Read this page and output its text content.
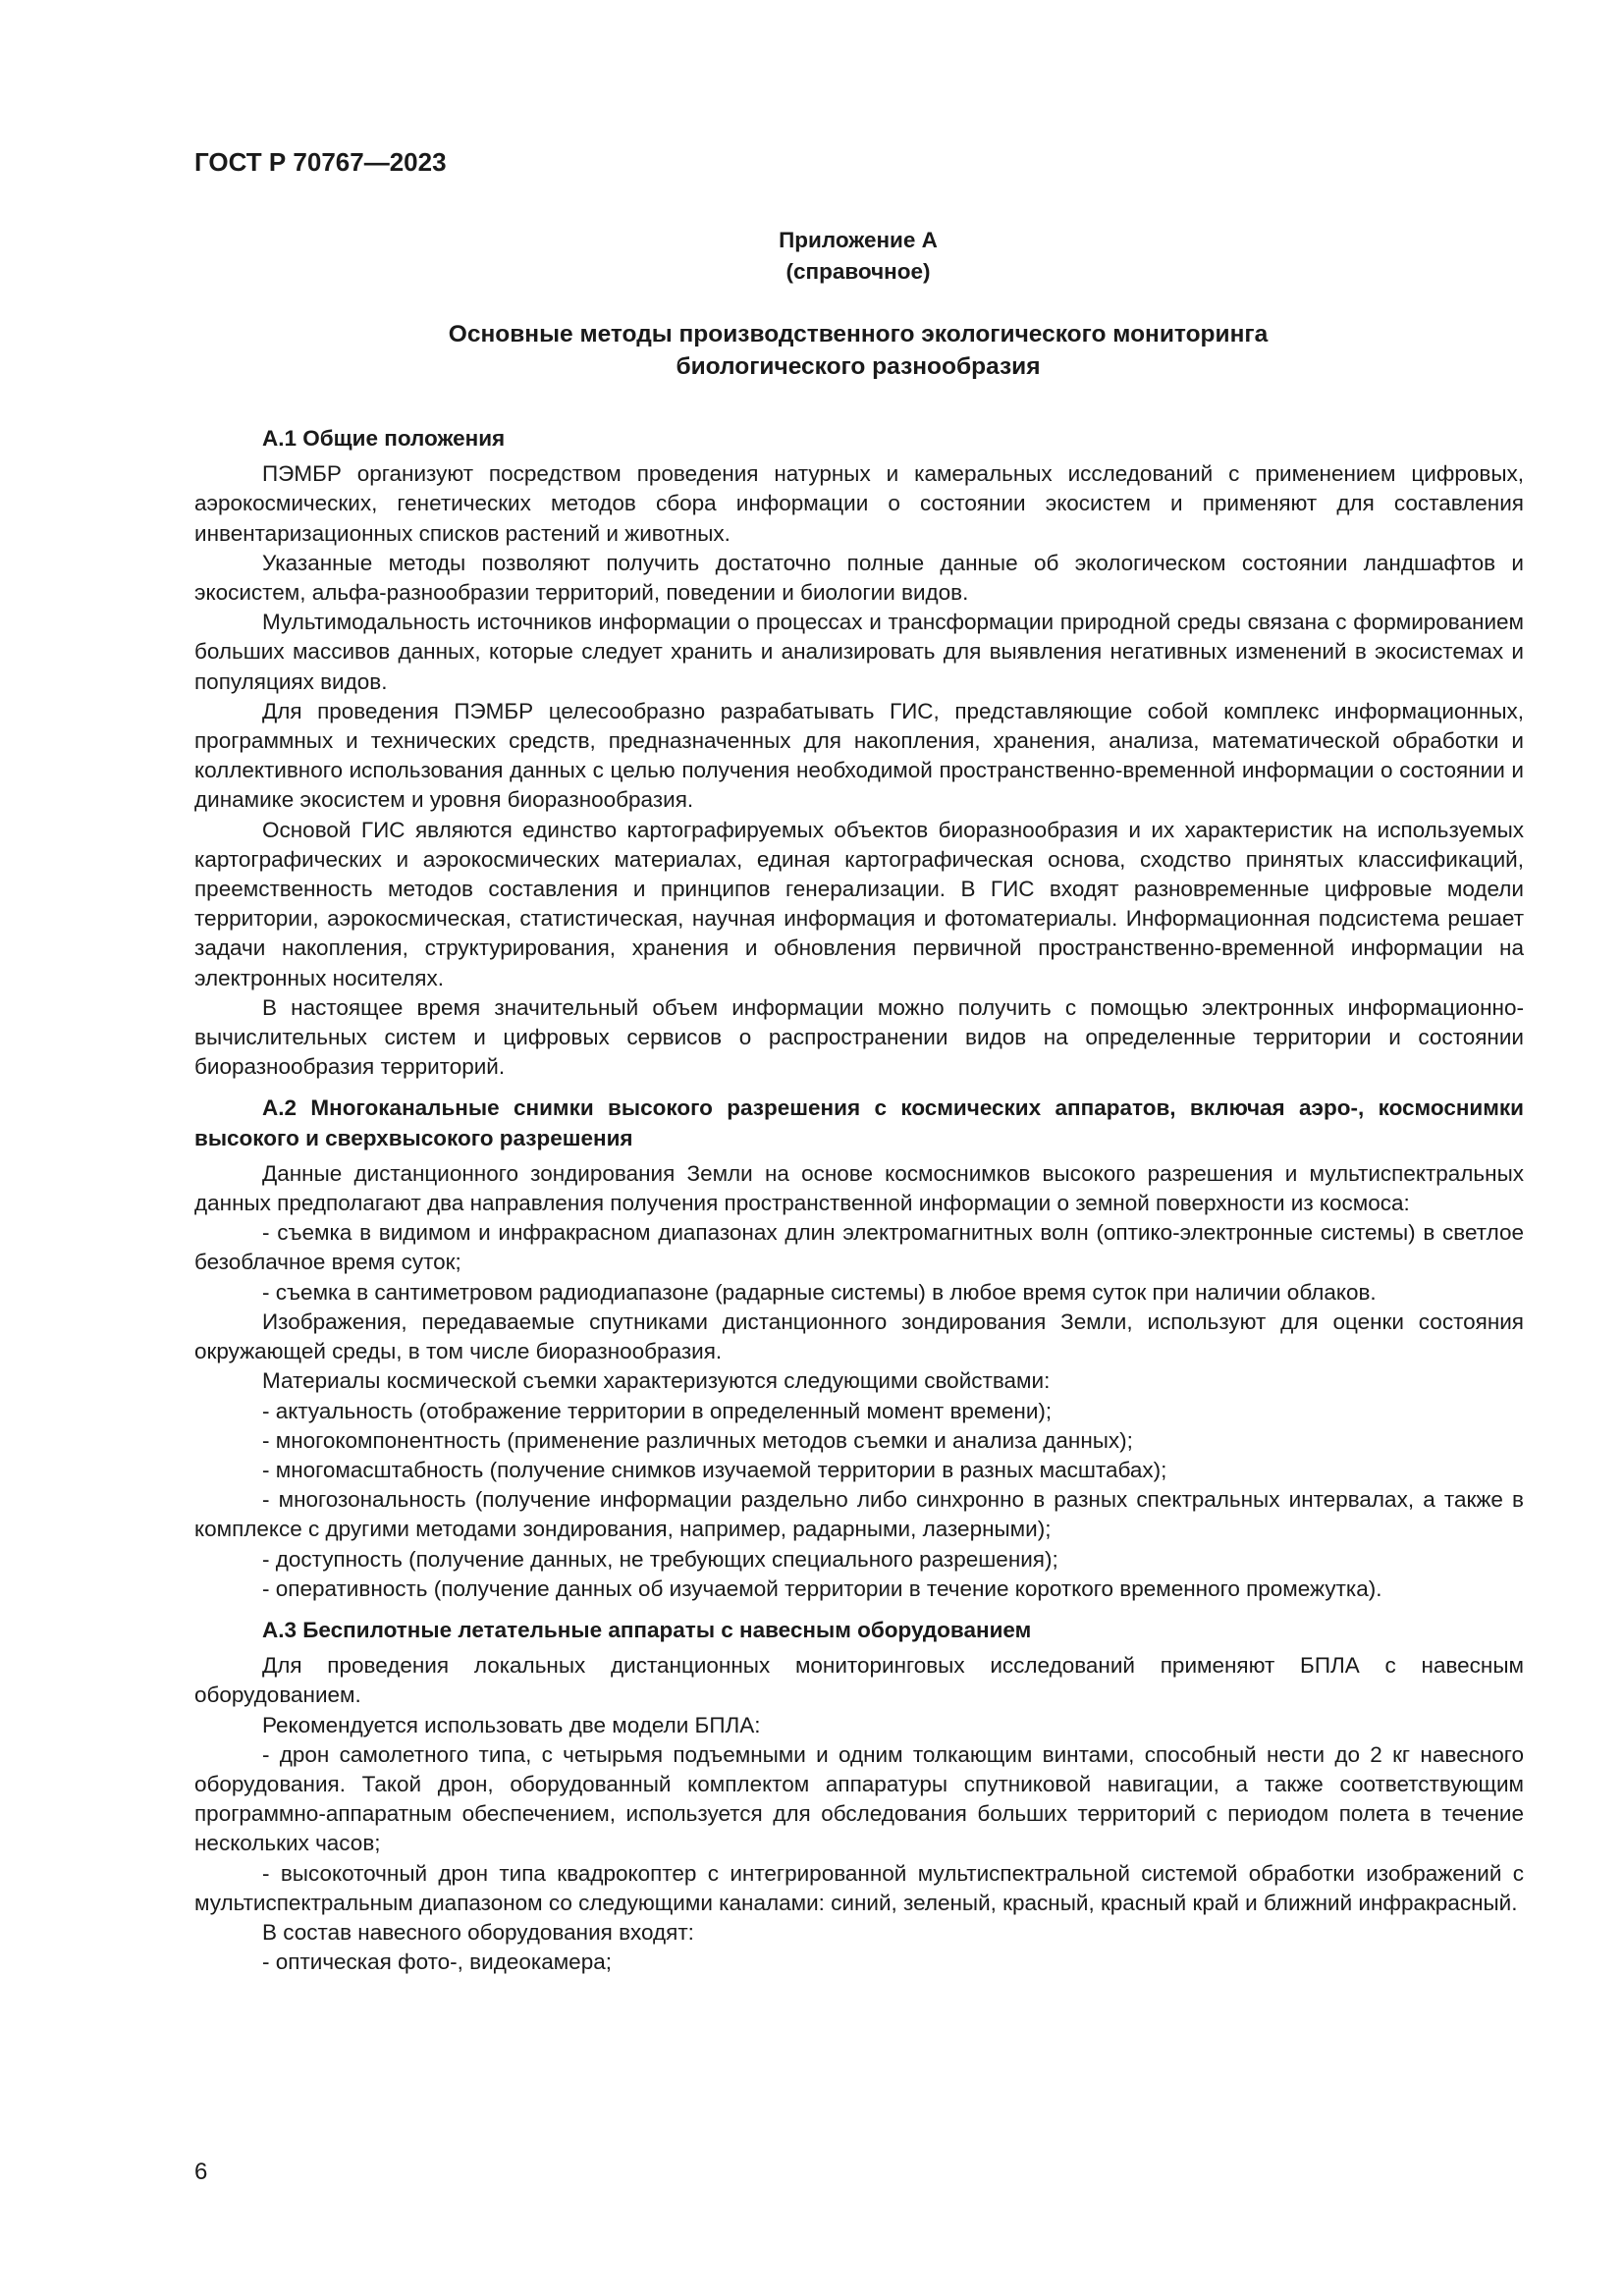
ГОСТ Р 70767—2023
Приложение А
(справочное)
Основные методы производственного экологического мониторинга
биологического разнообразия

А.1 Общие положения

ПЭМБР организуют посредством проведения натурных и камеральных исследований с применением цифровых, аэрокосмических, генетических методов сбора информации о состоянии экосистем и применяют для составления инвентаризационных списков растений и животных.

Указанные методы позволяют получить достаточно полные данные об экологическом состоянии ландшафтов и экосистем, альфа-разнообразии территорий, поведении и биологии видов.

Мультимодальность источников информации о процессах и трансформации природной среды связана с формированием больших массивов данных, которые следует хранить и анализировать для выявления негативных изменений в экосистемах и популяциях видов.

Для проведения ПЭМБР целесообразно разрабатывать ГИС, представляющие собой комплекс информационных, программных и технических средств, предназначенных для накопления, хранения, анализа, математической обработки и коллективного использования данных с целью получения необходимой пространственно-временной информации о состоянии и динамике экосистем и уровня биоразнообразия.

Основой ГИС являются единство картографируемых объектов биоразнообразия и их характеристик на используемых картографических и аэрокосмических материалах, единая картографическая основа, сходство принятых классификаций, преемственность методов составления и принципов генерализации. В ГИС входят разновременные цифровые модели территории, аэрокосмическая, статистическая, научная информация и фотоматериалы. Информационная подсистема решает задачи накопления, структурирования, хранения и обновления первичной пространственно-временной информации на электронных носителях.

В настоящее время значительный объем информации можно получить с помощью электронных информационно-вычислительных систем и цифровых сервисов о распространении видов на определенные территории и состоянии биоразнообразия территорий.

А.2 Многоканальные снимки высокого разрешения с космических аппаратов, включая аэро-, космоснимки высокого и сверхвысокого разрешения

Данные дистанционного зондирования Земли на основе космоснимков высокого разрешения и мультиспектральных данных предполагают два направления получения пространственной информации о земной поверхности из космоса:

- съемка в видимом и инфракрасном диапазонах длин электромагнитных волн (оптико-электронные системы) в светлое безоблачное время суток;

- съемка в сантиметровом радиодиапазоне (радарные системы) в любое время суток при наличии облаков.

Изображения, передаваемые спутниками дистанционного зондирования Земли, используют для оценки состояния окружающей среды, в том числе биоразнообразия.

Материалы космической съемки характеризуются следующими свойствами:

- актуальность (отображение территории в определенный момент времени);

- многокомпонентность (применение различных методов съемки и анализа данных);

- многомасштабность (получение снимков изучаемой территории в разных масштабах);

- многозональность (получение информации раздельно либо синхронно в разных спектральных интервалах, а также в комплексе с другими методами зондирования, например, радарными, лазерными);

- доступность (получение данных, не требующих специального разрешения);

- оперативность (получение данных об изучаемой территории в течение короткого временного промежутка).

А.3 Беспилотные летательные аппараты с навесным оборудованием

Для проведения локальных дистанционных мониторинговых исследований применяют БПЛА с навесным оборудованием.

Рекомендуется использовать две модели БПЛА:

- дрон самолетного типа, с четырьмя подъемными и одним толкающим винтами, способный нести до 2 кг навесного оборудования. Такой дрон, оборудованный комплектом аппаратуры спутниковой навигации, а также соответствующим программно-аппаратным обеспечением, используется для обследования больших территорий с периодом полета в течение нескольких часов;

- высокоточный дрон типа квадрокоптер с интегрированной мультиспектральной системой обработки изображений с мультиспектральным диапазоном со следующими каналами: синий, зеленый, красный, красный край и ближний инфракрасный.

В состав навесного оборудования входят:

- оптическая фото-, видеокамера;

6
